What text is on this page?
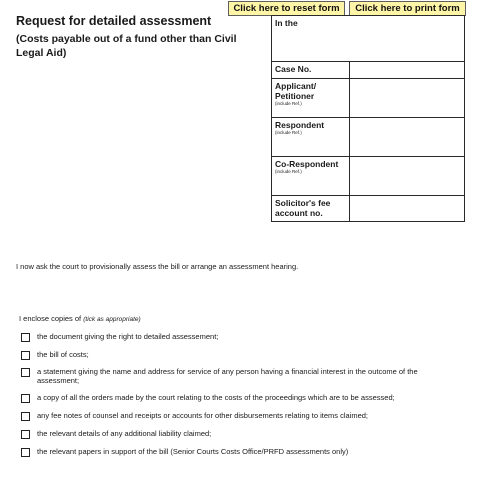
Click here to reset form	Click here to print form
Request for detailed assessment
(Costs payable out of a fund other than Civil Legal Aid)
In the	

Case No.	

Applicant/ Petitioner
(include Ref.)	

Respondent
(include Ref.)	

Co-Respondent
(include Ref.)	

Solicitor's fee account no.	

I now ask the court to provisionally assess the bill or arrange an assessment hearing.
I enclose copies of (tick as appropriate)
the document giving the right to detailed assessement;
the bill of costs;
a statement giving the name and address for service of any person having a financial interest in the outcome of the assessment;
a copy of all the orders made by the court relating to the costs of the proceedings which are to be assessed;
any fee notes of counsel and receipts or accounts for other disbursements relating to items claimed;
the relevant details of any additional liability claimed;
the relevant papers in support of the bill (Senior Courts Costs Office/PRFD assessments only)
